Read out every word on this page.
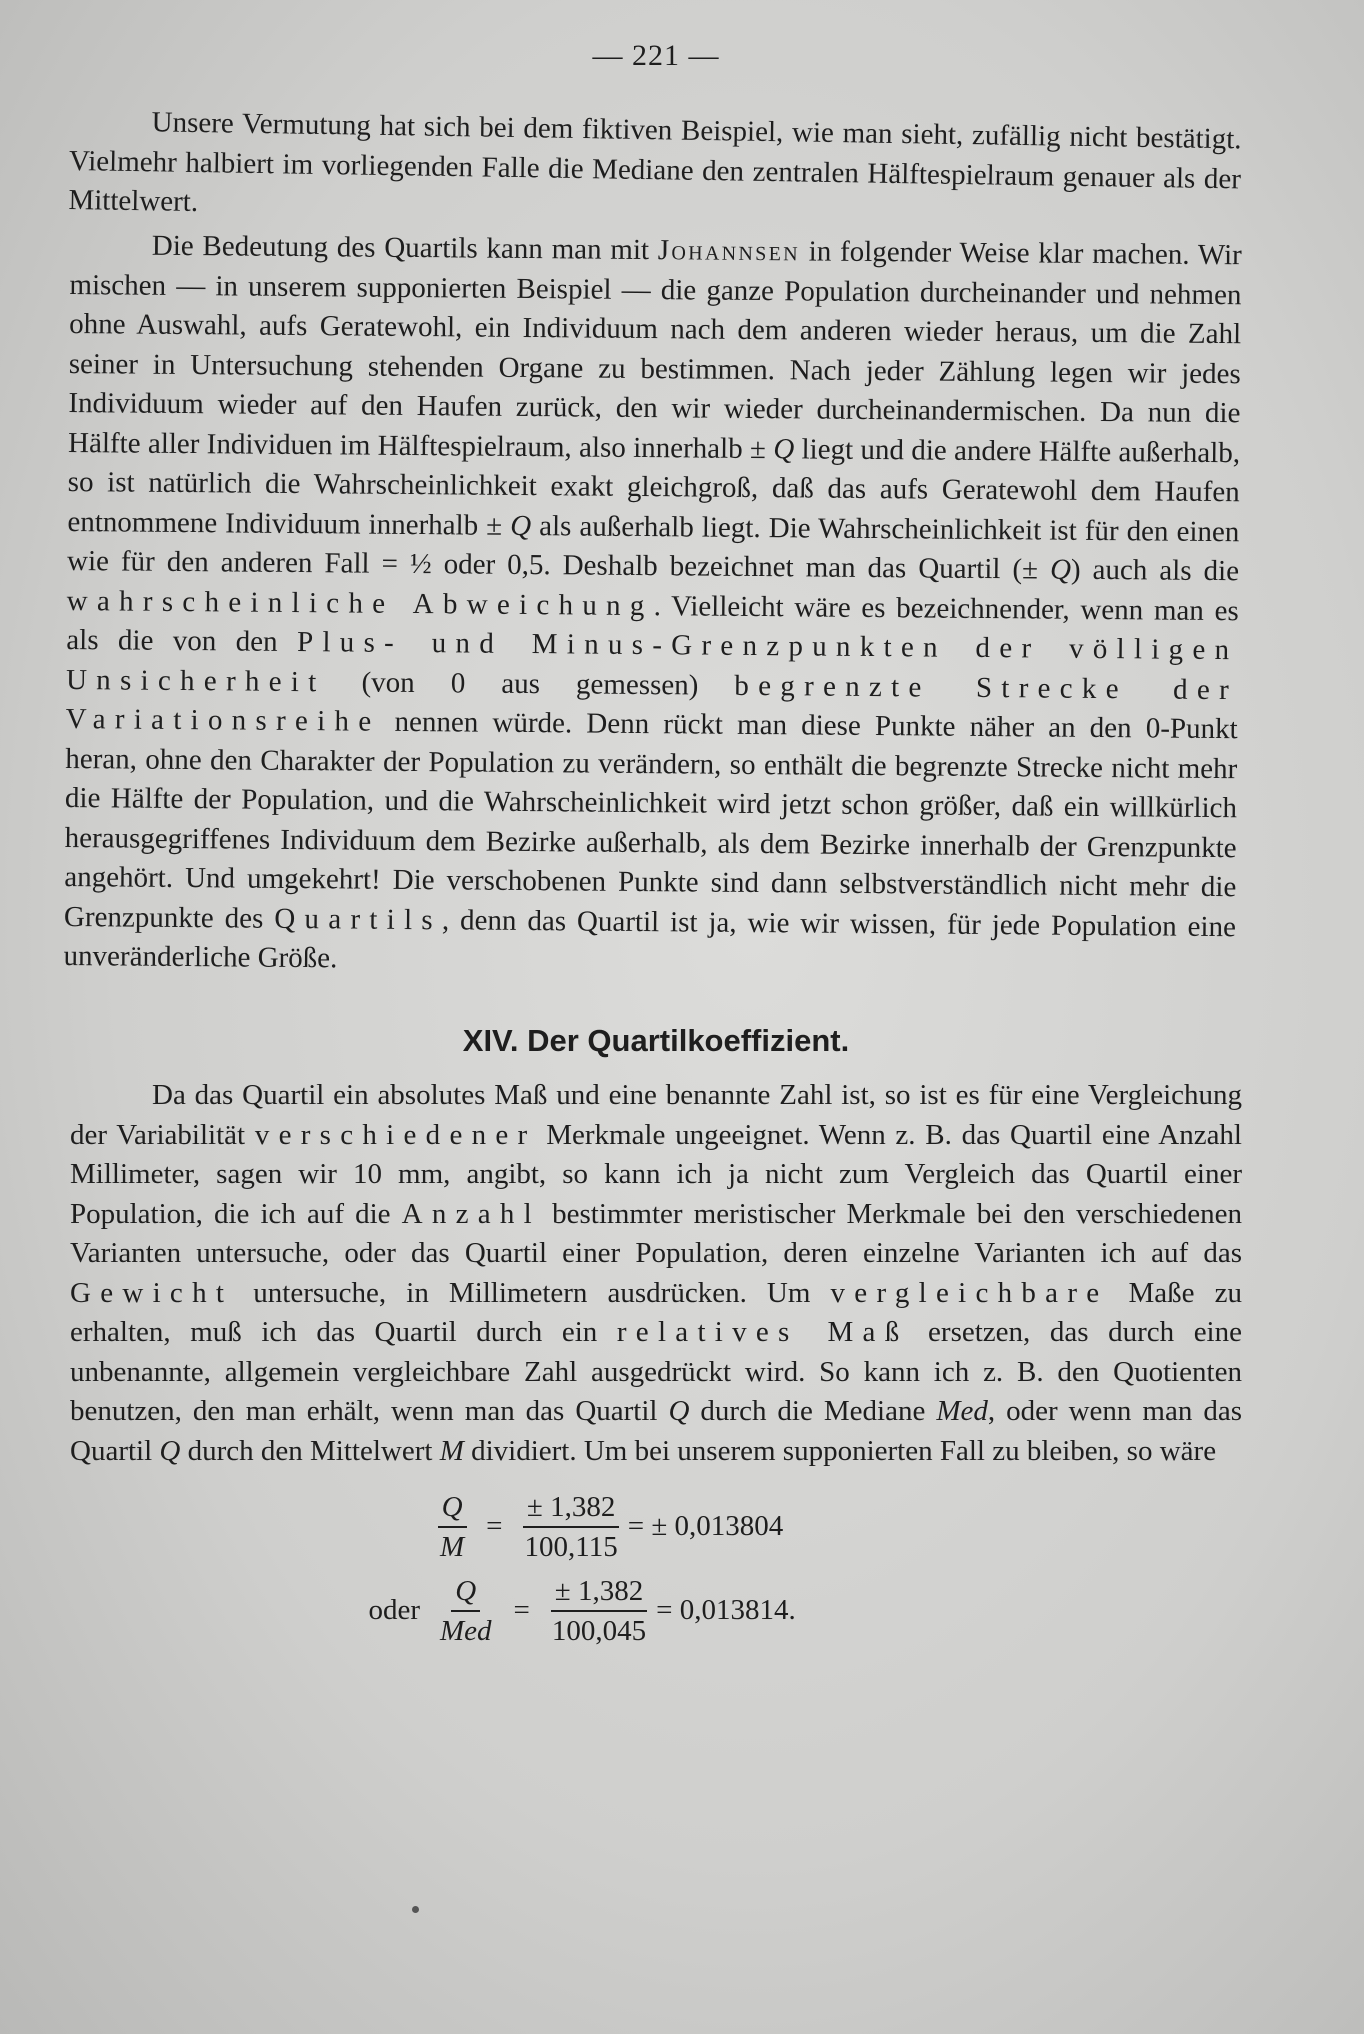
— 221 —

Unsere Vermutung hat sich bei dem fiktiven Beispiel, wie man sieht, zufällig nicht bestätigt. Vielmehr halbiert im vorliegenden Falle die Mediane den zentralen Hälftespielraum genauer als der Mittelwert.

Die Bedeutung des Quartils kann man mit Johannsen in folgender Weise klar machen. Wir mischen — in unserem supponierten Beispiel — die ganze Population durcheinander und nehmen ohne Auswahl, aufs Geratewohl, ein Individuum nach dem anderen wieder heraus, um die Zahl seiner in Untersuchung stehenden Organe zu bestimmen. Nach jeder Zählung legen wir jedes Individuum wieder auf den Haufen zurück, den wir wieder durcheinandermischen. Da nun die Hälfte aller Individuen im Hälftespielraum, also innerhalb ± Q liegt und die andere Hälfte außerhalb, so ist natürlich die Wahrscheinlichkeit exakt gleichgroß, daß das aufs Geratewohl dem Haufen entnommene Individuum innerhalb ± Q als außerhalb liegt. Die Wahrscheinlichkeit ist für den einen wie für den anderen Fall = ½ oder 0,5. Deshalb bezeichnet man das Quartil (± Q) auch als die wahrscheinliche Abweichung. Vielleicht wäre es bezeichnender, wenn man es als die von den Plus- und Minus-Grenzpunkten der völligen Unsicherheit (von 0 aus gemessen) begrenzte Strecke der Variationsreihe nennen würde. Denn rückt man diese Punkte näher an den 0-Punkt heran, ohne den Charakter der Population zu verändern, so enthält die begrenzte Strecke nicht mehr die Hälfte der Population, und die Wahrscheinlichkeit wird jetzt schon größer, daß ein willkürlich herausgegriffenes Individuum dem Bezirke außerhalb, als dem Bezirke innerhalb der Grenzpunkte angehört. Und umgekehrt! Die verschobenen Punkte sind dann selbstverständlich nicht mehr die Grenzpunkte des Quartils, denn das Quartil ist ja, wie wir wissen, für jede Population eine unveränderliche Größe.

XIV. Der Quartilkoeffizient.

Da das Quartil ein absolutes Maß und eine benannte Zahl ist, so ist es für eine Vergleichung der Variabilität verschiedener Merkmale ungeeignet. Wenn z. B. das Quartil eine Anzahl Millimeter, sagen wir 10 mm, angibt, so kann ich ja nicht zum Vergleich das Quartil einer Population, die ich auf die Anzahl bestimmter meristischer Merkmale bei den verschiedenen Varianten untersuche, oder das Quartil einer Population, deren einzelne Varianten ich auf das Gewicht untersuche, in Millimetern ausdrücken. Um vergleichbare Maße zu erhalten, muß ich das Quartil durch ein relatives Maß ersetzen, das durch eine unbenannte, allgemein vergleichbare Zahl ausgedrückt wird. So kann ich z. B. den Quotienten benutzen, den man erhält, wenn man das Quartil Q durch die Mediane Med, oder wenn man das Quartil Q durch den Mittelwert M dividiert. Um bei unserem supponierten Fall zu bleiben, so wäre

$\frac{Q}{M} = \frac{\pm 1,382}{100,115}$ = ± 0,013804
oder $\frac{Q}{\text{Med}} = \frac{\pm 1,382}{100,045} = 0,013814$.
